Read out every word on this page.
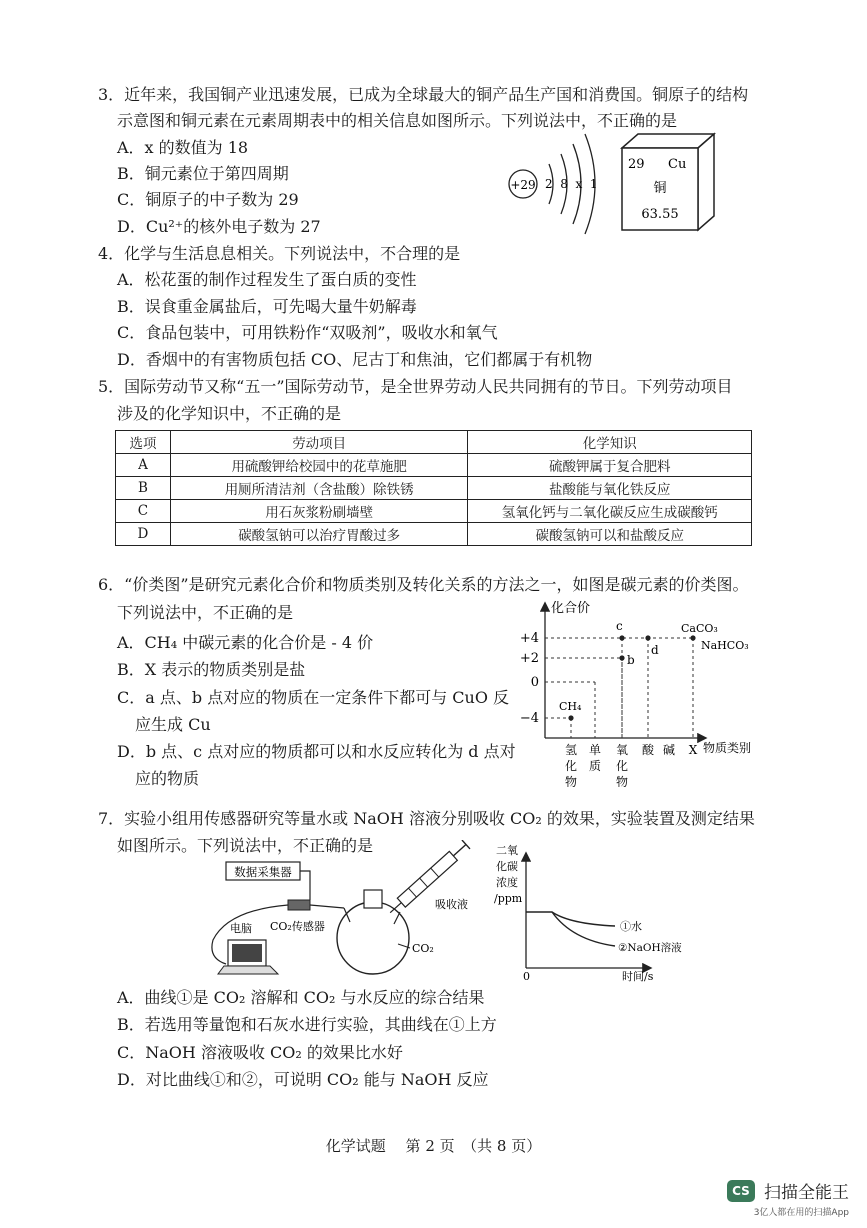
3．近年来，我国铜产业迅速发展，已成为全球最大的铜产品生产国和消费国。铜原子的结构
示意图和铜元素在元素周期表中的相关信息如图所示。下列说法中，不正确的是
A．x 的数值为 18
B．铜元素位于第四周期
C．铜原子的中子数为 29
D．Cu²⁺的核外电子数为 27
+29 2  8  x  1
29 Cu
铜
63.55
4．化学与生活息息相关。下列说法中，不合理的是
A．松花蛋的制作过程发生了蛋白质的变性
B．误食重金属盐后，可先喝大量牛奶解毒
C．食品包装中，可用铁粉作“双吸剂”，吸收水和氧气
D．香烟中的有害物质包括 CO、尼古丁和焦油，它们都属于有机物
5．国际劳动节又称“五一”国际劳动节，是全世界劳动人民共同拥有的节日。下列劳动项目
涉及的化学知识中，不正确的是
选项	劳动项目	化学知识
A	用硫酸钾给校园中的花草施肥	硫酸钾属于复合肥料
B	用厕所清洁剂（含盐酸）除铁锈	盐酸能与氧化铁反应
C	用石灰浆粉刷墙壁	氢氧化钙与二氧化碳反应生成碳酸钙
D	碳酸氢钠可以治疗胃酸过多	碳酸氢钠可以和盐酸反应
6．“价类图”是研究元素化合价和物质类别及转化关系的方法之一，如图是碳元素的价类图。
下列说法中，不正确的是
A．CH₄ 中碳元素的化合价是 - 4 价
B．X 表示的物质类别是盐
C．a 点、b 点对应的物质在一定条件下都可与 CuO 反
应生成 Cu
D．b 点、c 点对应的物质都可以和水反应转化为 d 点对
应的物质
化合价
物质类别
+4
+2
0
−4
CH₄
c
b
d
CaCO₃
NaHCO₃
氢
化
物
单
质
氧
化
物
酸 碱 X
7．实验小组用传感器研究等量水或 NaOH 溶液分别吸收 CO₂ 的效果，实验装置及测定结果
如图所示。下列说法中，不正确的是
数据采集器
CO₂传感器
电脑
CO₂
吸收液
二氧
化碳
浓度
/ppm
0	时间/s
①水
②NaOH溶液
A．曲线①是 CO₂ 溶解和 CO₂ 与水反应的综合结果
B．若选用等量饱和石灰水进行实验，其曲线在①上方
C．NaOH 溶液吸收 CO₂ 的效果比水好
D．对比曲线①和②，可说明 CO₂ 能与 NaOH 反应
化学试题　 第 2 页　（共 8 页）
CS 扫描全能王
3亿人都在用的扫描App
